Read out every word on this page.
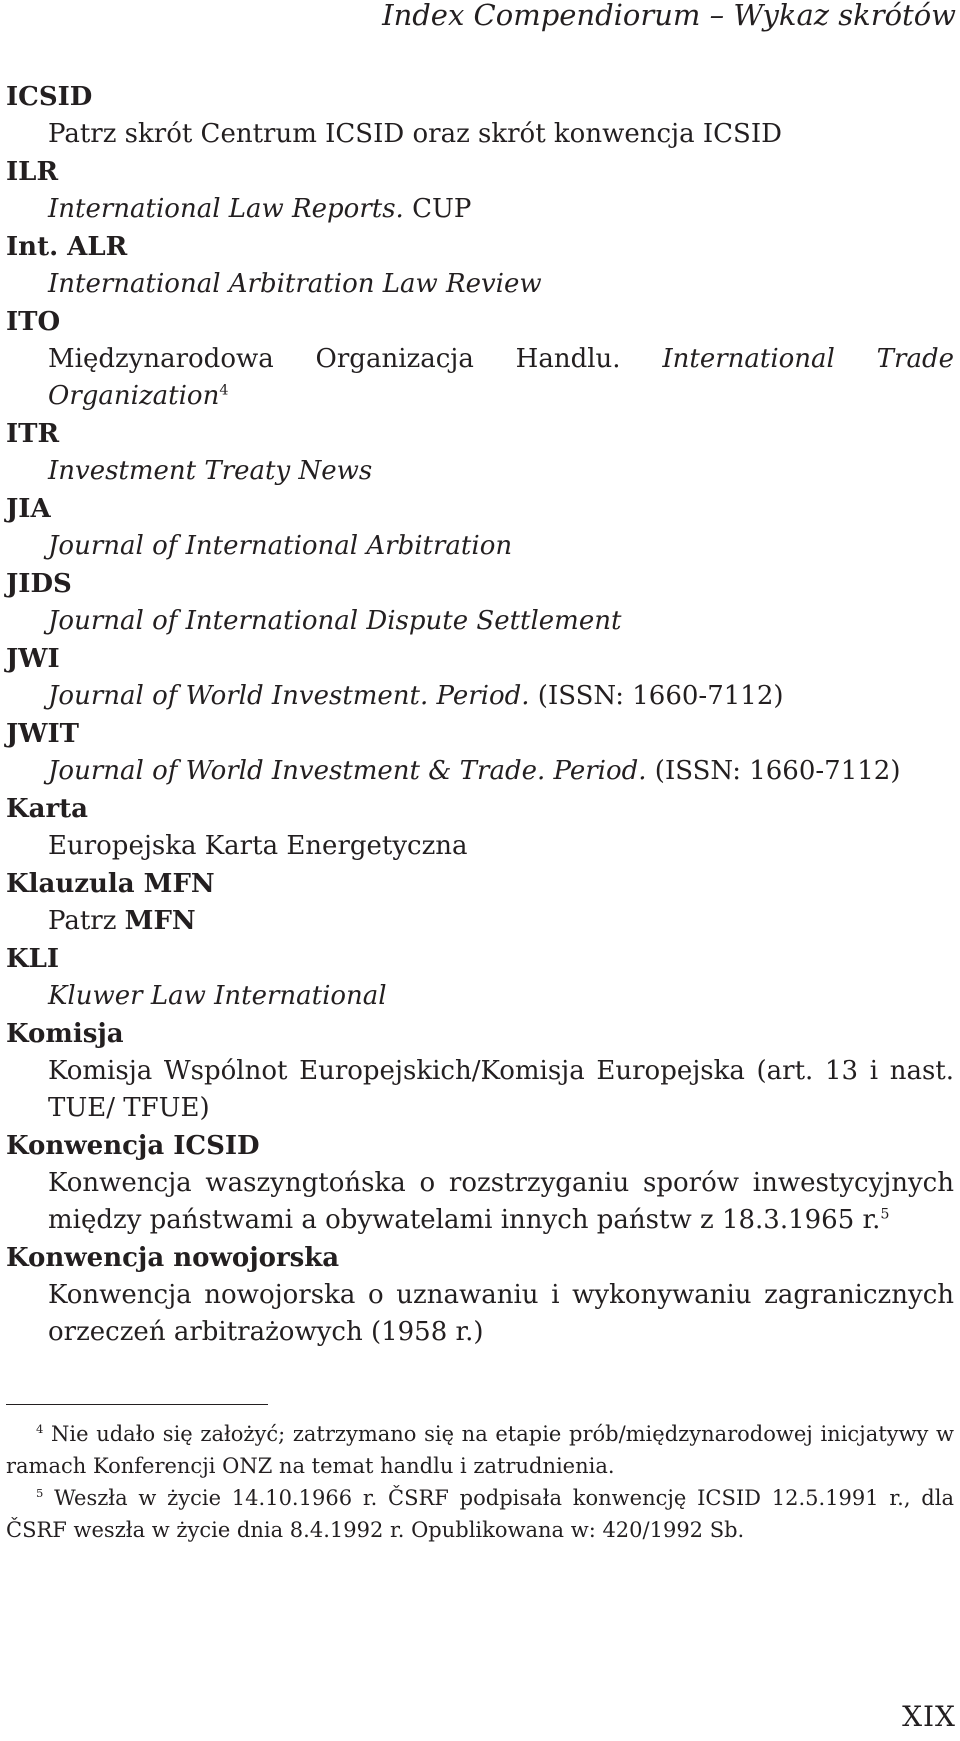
Index Compendiorum – Wykaz skrótów
ICSID
Patrz skrót Centrum ICSID oraz skrót konwencja ICSID
ILR
International Law Reports. CUP
Int. ALR
International Arbitration Law Review
ITO
Międzynarodowa Organizacja Handlu. International Trade Organization$^4$
ITR
Investment Treaty News
JIA
Journal of International Arbitration
JIDS
Journal of International Dispute Settlement
JWI
Journal of World Investment. Period. (ISSN: 1660-7112)
JWIT
Journal of World Investment & Trade. Period. (ISSN: 1660-7112)
Karta
Europejska Karta Energetyczna
Klauzula MFN
Patrz MFN
KLI
Kluwer Law International
Komisja
Komisja Wspólnot Europejskich/Komisja Europejska (art. 13 i nast. TUE/ TFUE)
Konwencja ICSID
Konwencja waszyngtońska o rozstrzyganiu sporów inwestycyjnych między państwami a obywatelami innych państw z 18.3.1965 r.$^5$
Konwencja nowojorska
Konwencja nowojorska o uznawaniu i wykonywaniu zagranicznych orzeczeń arbitrażowych (1958 r.)

$^4$ Nie udało się założyć; zatrzymano się na etapie prób/międzynarodowej inicjatywy w ramach Konferencji ONZ na temat handlu i zatrudnienia.

$^5$ Weszła w życie 14.10.1966 r. ČSRF podpisała konwencję ICSID 12.5.1991 r., dla ČSRF weszła w życie dnia 8.4.1992 r. Opublikowana w: 420/1992 Sb.

XIX
